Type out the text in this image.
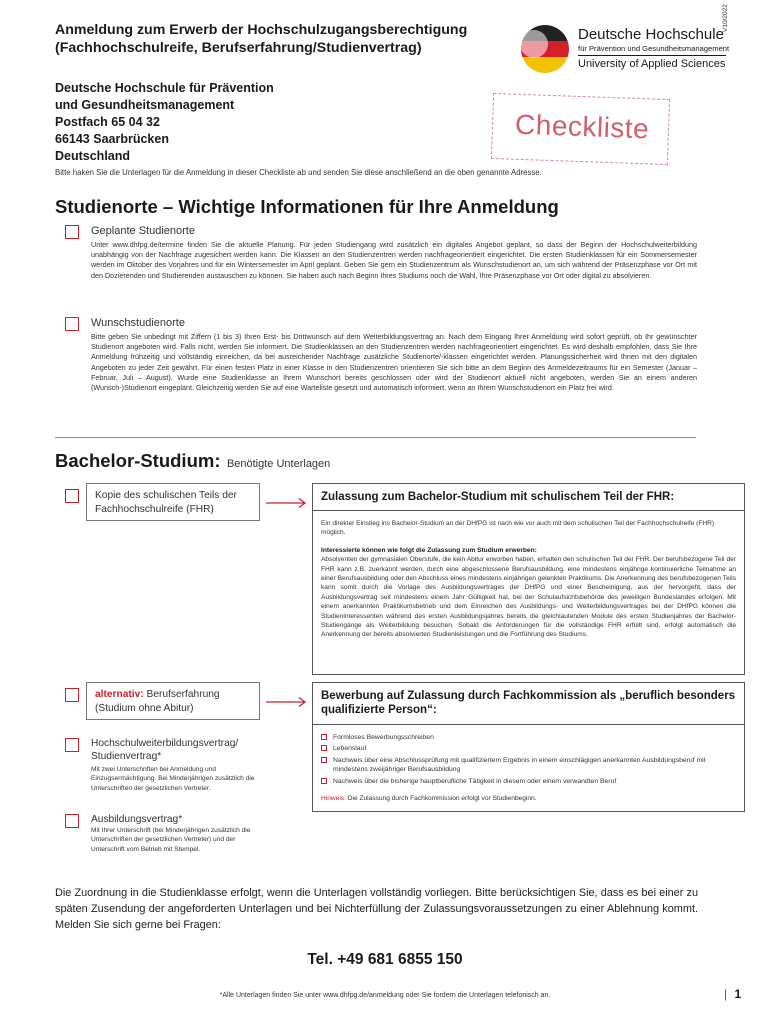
Anmeldung zum Erwerb der Hochschulzugangsberechtigung
(Fachhochschulreife, Berufserfahrung/Studienvertrag)
Deutsche Hochschule
für Prävention und Gesundheitsmanagement
University of Applied Sciences
V10/2022
Deutsche Hochschule für Prävention
und Gesundheitsmanagement
Postfach 65 04 32
66143 Saarbrücken
Deutschland
Checkliste
Bitte haken Sie die Unterlagen für die Anmeldung in dieser Checkliste ab und senden Sie diese anschließend an die oben genannte Adresse.
Studienorte – Wichtige Informationen für Ihre Anmeldung
Geplante Studienorte
Unter www.dhfpg.de/termine finden Sie die aktuelle Planung. Für jeden Studiengang wird zusätzlich ein digitales Angebot geplant, so dass der Beginn der Hochschulweiterbildung unabhängig von der Nachfrage zugesichert werden kann. Die Klassen an den Studienzentren werden nachfrageorientiert eingerichtet. Die ersten Studienklassen für ein Sommersemester werden im Oktober des Vorjahres und für ein Wintersemester im April geplant. Geben Sie gern ein Studienzentrum als Wunschstudienort an, um sich während der Präsenzphase vor Ort mit den Dozierenden und Studierenden austauschen zu können. Sie haben auch nach Beginn Ihres Studiums noch die Wahl, Ihre Präsenzphase vor Ort oder digital zu absolvieren.
Wunschstudienorte
Bitte geben Sie unbedingt mit Ziffern (1 bis 3) Ihren Erst- bis Drittwunsch auf dem Weiterbildungsvertrag an. Nach dem Eingang Ihrer Anmeldung wird sofort geprüft, ob Ihr gewünschter Studienort angeboten wird. Falls nicht, werden Sie informiert. Die Studienklassen an den Studienzentren werden nachfrageorientiert eingerichtet. Es wird deshalb empfohlen, dass Sie Ihre Anmeldung frühzeitig und vollständig einreichen, da bei ausreichender Nachfrage zusätzliche Studienorte/-klassen eingerichtet werden. Planungssicherheit wird Ihnen mit den digitalen Angeboten zu jeder Zeit gewährt. Für einen festen Platz in einer Klasse in den Studienzentren orientieren Sie sich bitte an dem Beginn des Anmeldezeitraums für ein Semester (Januar – Februar, Juli – August). Wurde eine Studienklasse an Ihrem Wunschort bereits geschlossen oder wird der Studienort aktuell nicht angeboten, werden Sie an einem anderen (Wunsch-)Studienort eingeplant. Gleichzeitig werden Sie auf eine Warteliste gesetzt und automatisch informiert, wenn an Ihrem Wunschstudienort ein Platz frei wird.
Bachelor-Studium: Benötigte Unterlagen
Kopie des schulischen Teils der Fachhochschulreife (FHR)
Zulassung zum Bachelor-Studium mit schulischem Teil der FHR:
Ein direkter Einstieg ins Bachelor-Studium an der DHfPG ist nach wie vor auch mit dem schulischen Teil der Fachhochschulreife (FHR) möglich.
Interessierte können wie folgt die Zulassung zum Studium erwerben:
Absolventen der gymnasialen Oberstufe, die kein Abitur erworben haben, erhalten den schulischen Teil der FHR. Der berufsbezogene Teil der FHR kann z.B. zuerkannt werden, durch eine abgeschlossene Berufsausbildung, eine mindestens einjährige kontinuierliche Teilnahme an einer Berufsausbildung oder den Abschluss eines mindestens einjährigen gelenkten Praktikums. Die Anerkennung des berufsbezogenen Teils kann somit durch die Vorlage des Ausbildungsvertrages der DHfPG und einer Bescheinigung, aus der hervorgeht, dass der Ausbildungsvertrag seit mindestens einem Jahr Gültigkeit hat, bei der Schulaufsichtsbehörde des jeweiligen Bundeslandes erfolgen. Mit einem anerkannten Praktikumsbetrieb und dem Einreichen des Ausbildungs- und Weiterbildungsvertrages bei der DHfPG können die Studieninteressenten während des ersten Ausbildungsjahres bereits die gleichlautenden Module des ersten Studienjahres der Bachelor-Studiengänge als Weiterbildung besuchen. Sobald die Anforderungen für die vollständige FHR erfüllt sind, erfolgt automatisch die Anerkennung der bereits absolvierten Studienleistungen und die Fortführung des Studiums.
alternativ: Berufserfahrung
(Studium ohne Abitur)
Bewerbung auf Zulassung durch Fachkommission als „beruflich besonders qualifizierte Person“:
Formloses Bewerbungsschreiben
Lebenslauf
Nachweis über eine Abschlussprüfung mit qualifiziertem Ergebnis in einem einschlägigen anerkannten Ausbildungsberuf mit mindestens zweijähriger Berufsausbildung
Nachweis über die bisherige hauptberufliche Tätigkeit in diesem oder einem verwandten Beruf
Hinweis: Die Zulassung durch Fachkommission erfolgt vor Studienbeginn.
Hochschulweiterbildungsvertrag/
Studienvertrag*
Mit zwei Unterschriften bei Anmeldung und Einzugsermächtigung. Bei Minderjährigen zusätzlich die Unterschriften der gesetzlichen Vertreter.
Ausbildungsvertrag*
Mit Ihrer Unterschrift (bei Minderjährigen zusätzlich die Unterschriften der gesetzlichen Vertreter) und der Unterschrift vom Betrieb mit Stempel.
Die Zuordnung in die Studienklasse erfolgt, wenn die Unterlagen vollständig vorliegen. Bitte berücksichtigen Sie, dass es bei einer zu späten Zusendung der angeforderten Unterlagen und bei Nichterfüllung der Zulassungsvoraussetzungen zu einer Ablehnung kommt. Melden Sie sich gerne bei Fragen:
Tel. +49 681 6855 150
*Alle Unterlagen finden Sie unter www.dhfpg.de/anmeldung oder Sie fordern die Unterlagen telefonisch an.	| 1
